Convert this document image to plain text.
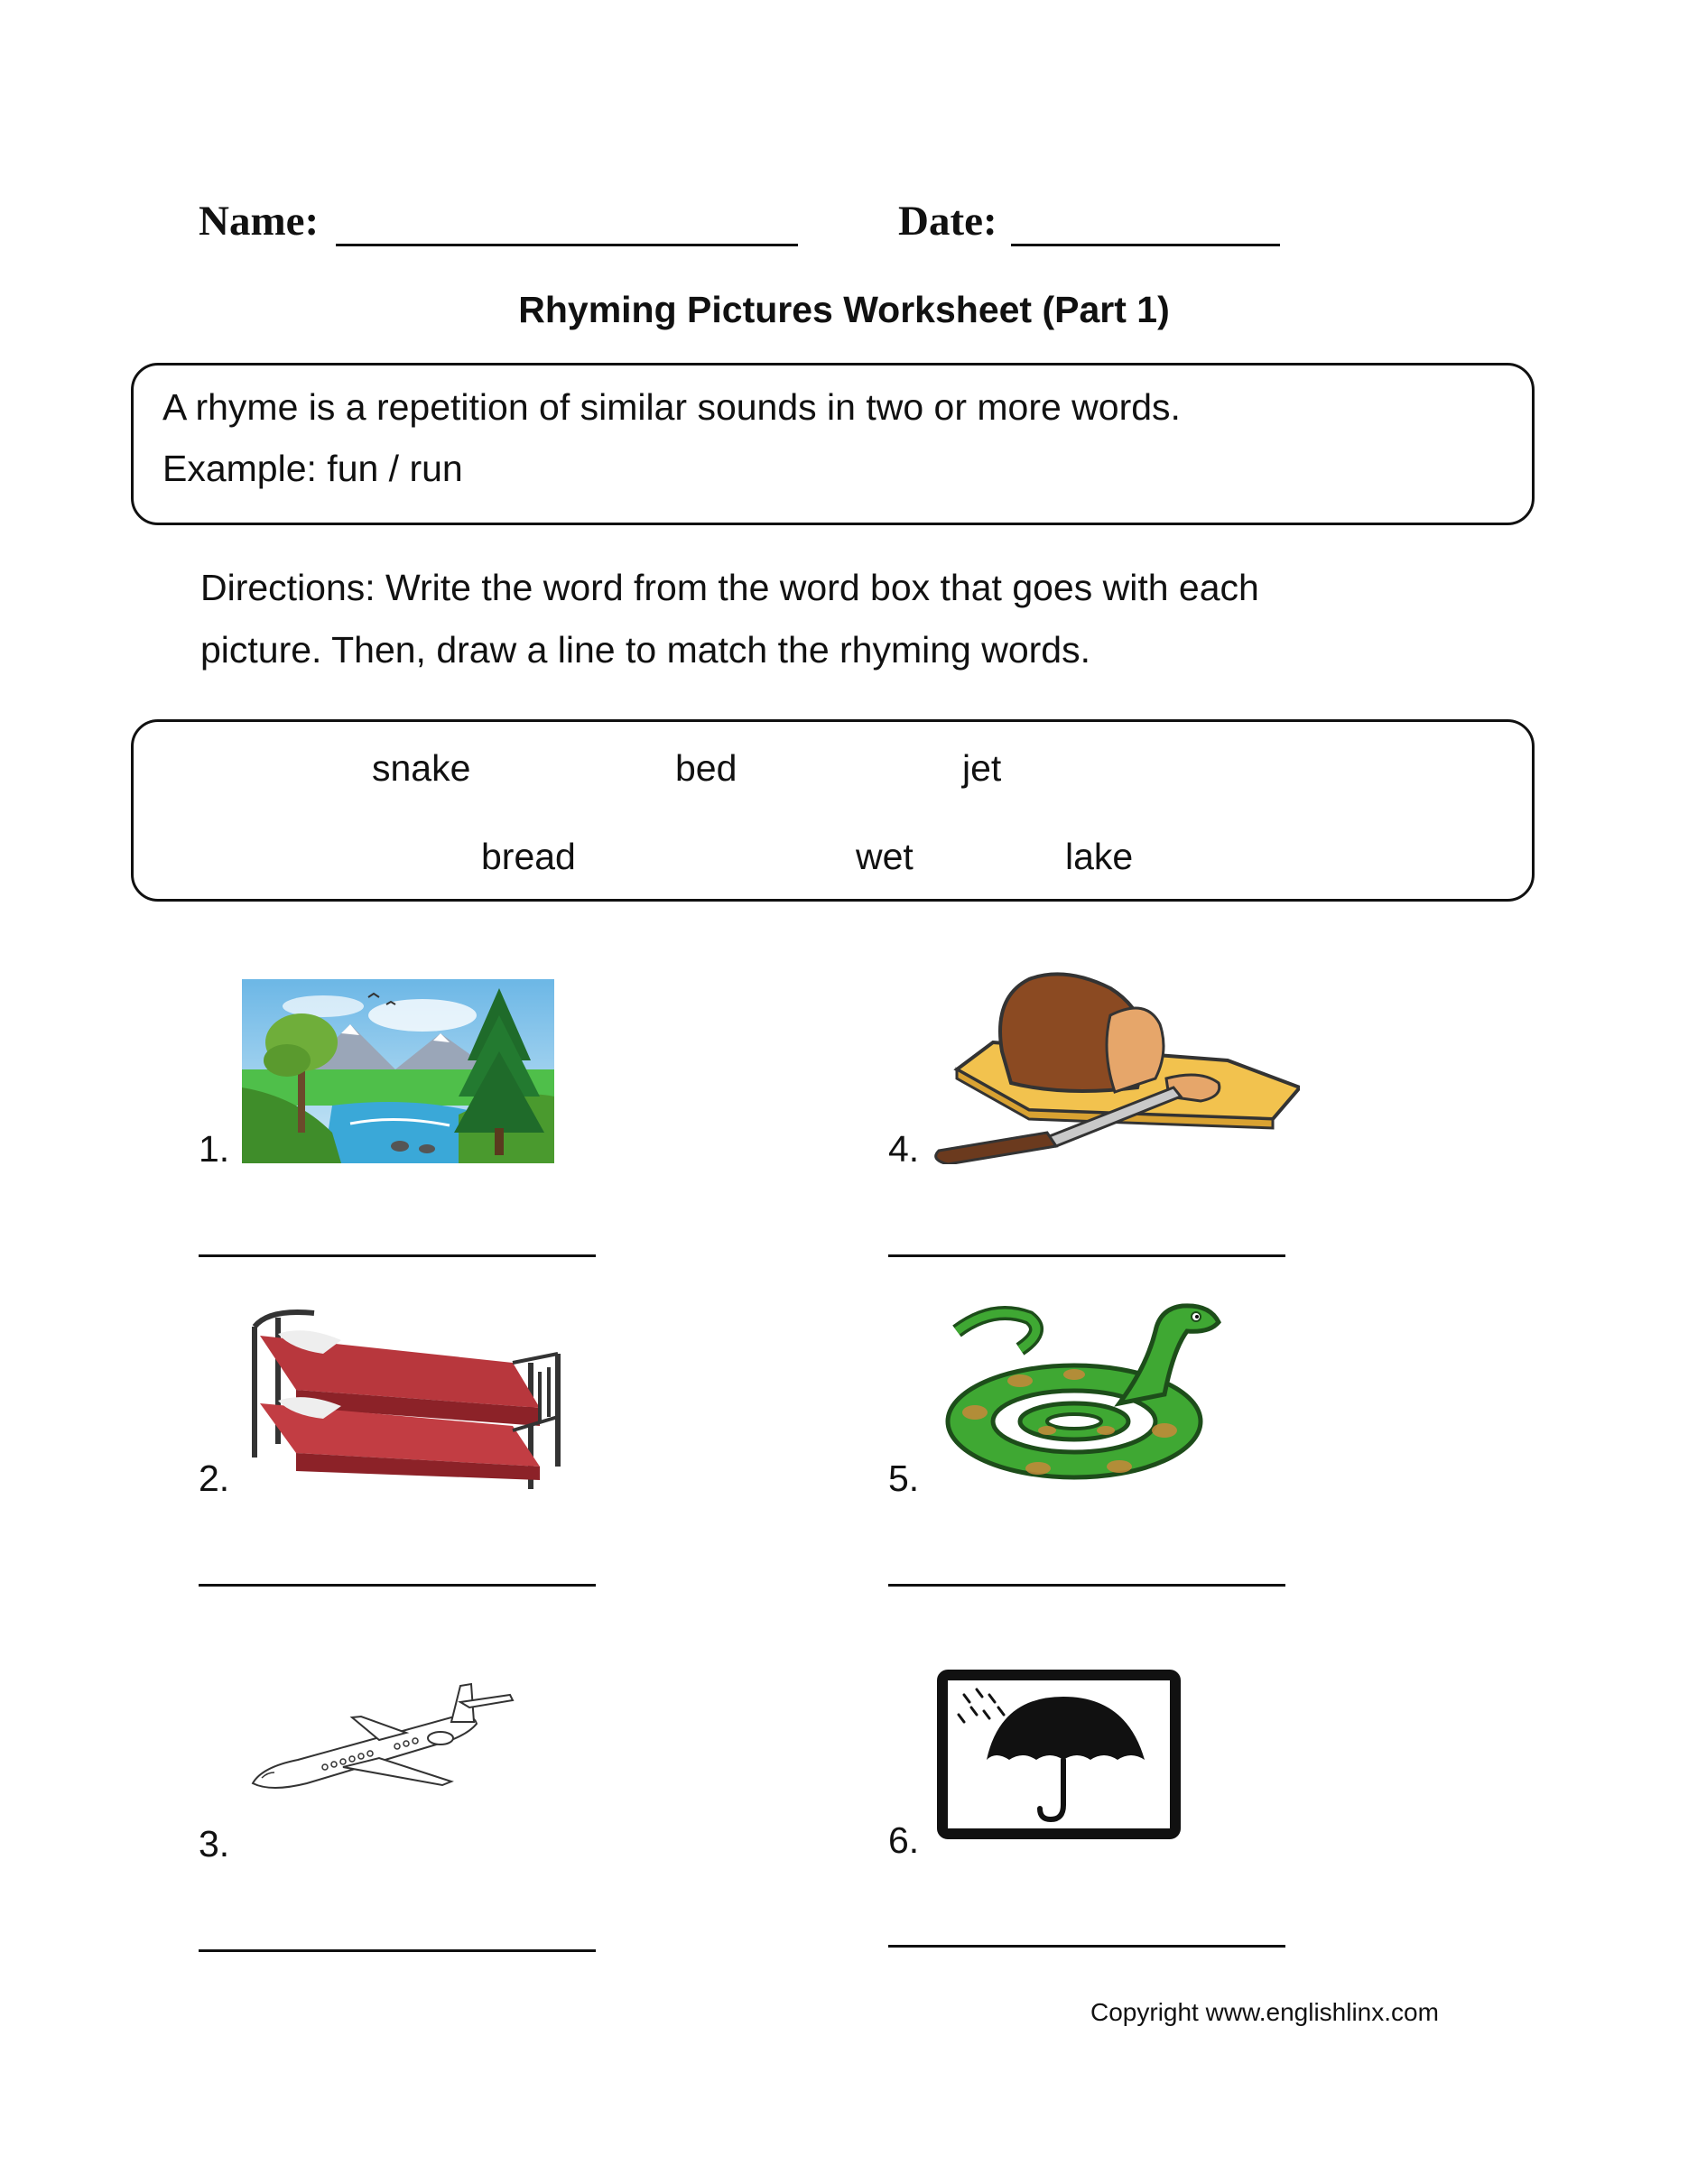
Name:	Date:
Rhyming Pictures Worksheet (Part 1)
A rhyme is a repetition of similar sounds in two or more words.
Example: fun / run
Directions: Write the word from the word box that goes with each
picture. Then, draw a line to match the rhyming words.
snake	bed	jet
bread	wet	lake
1.
2.
3.
4.
5.
6.
Copyright www.englishlinx.com
